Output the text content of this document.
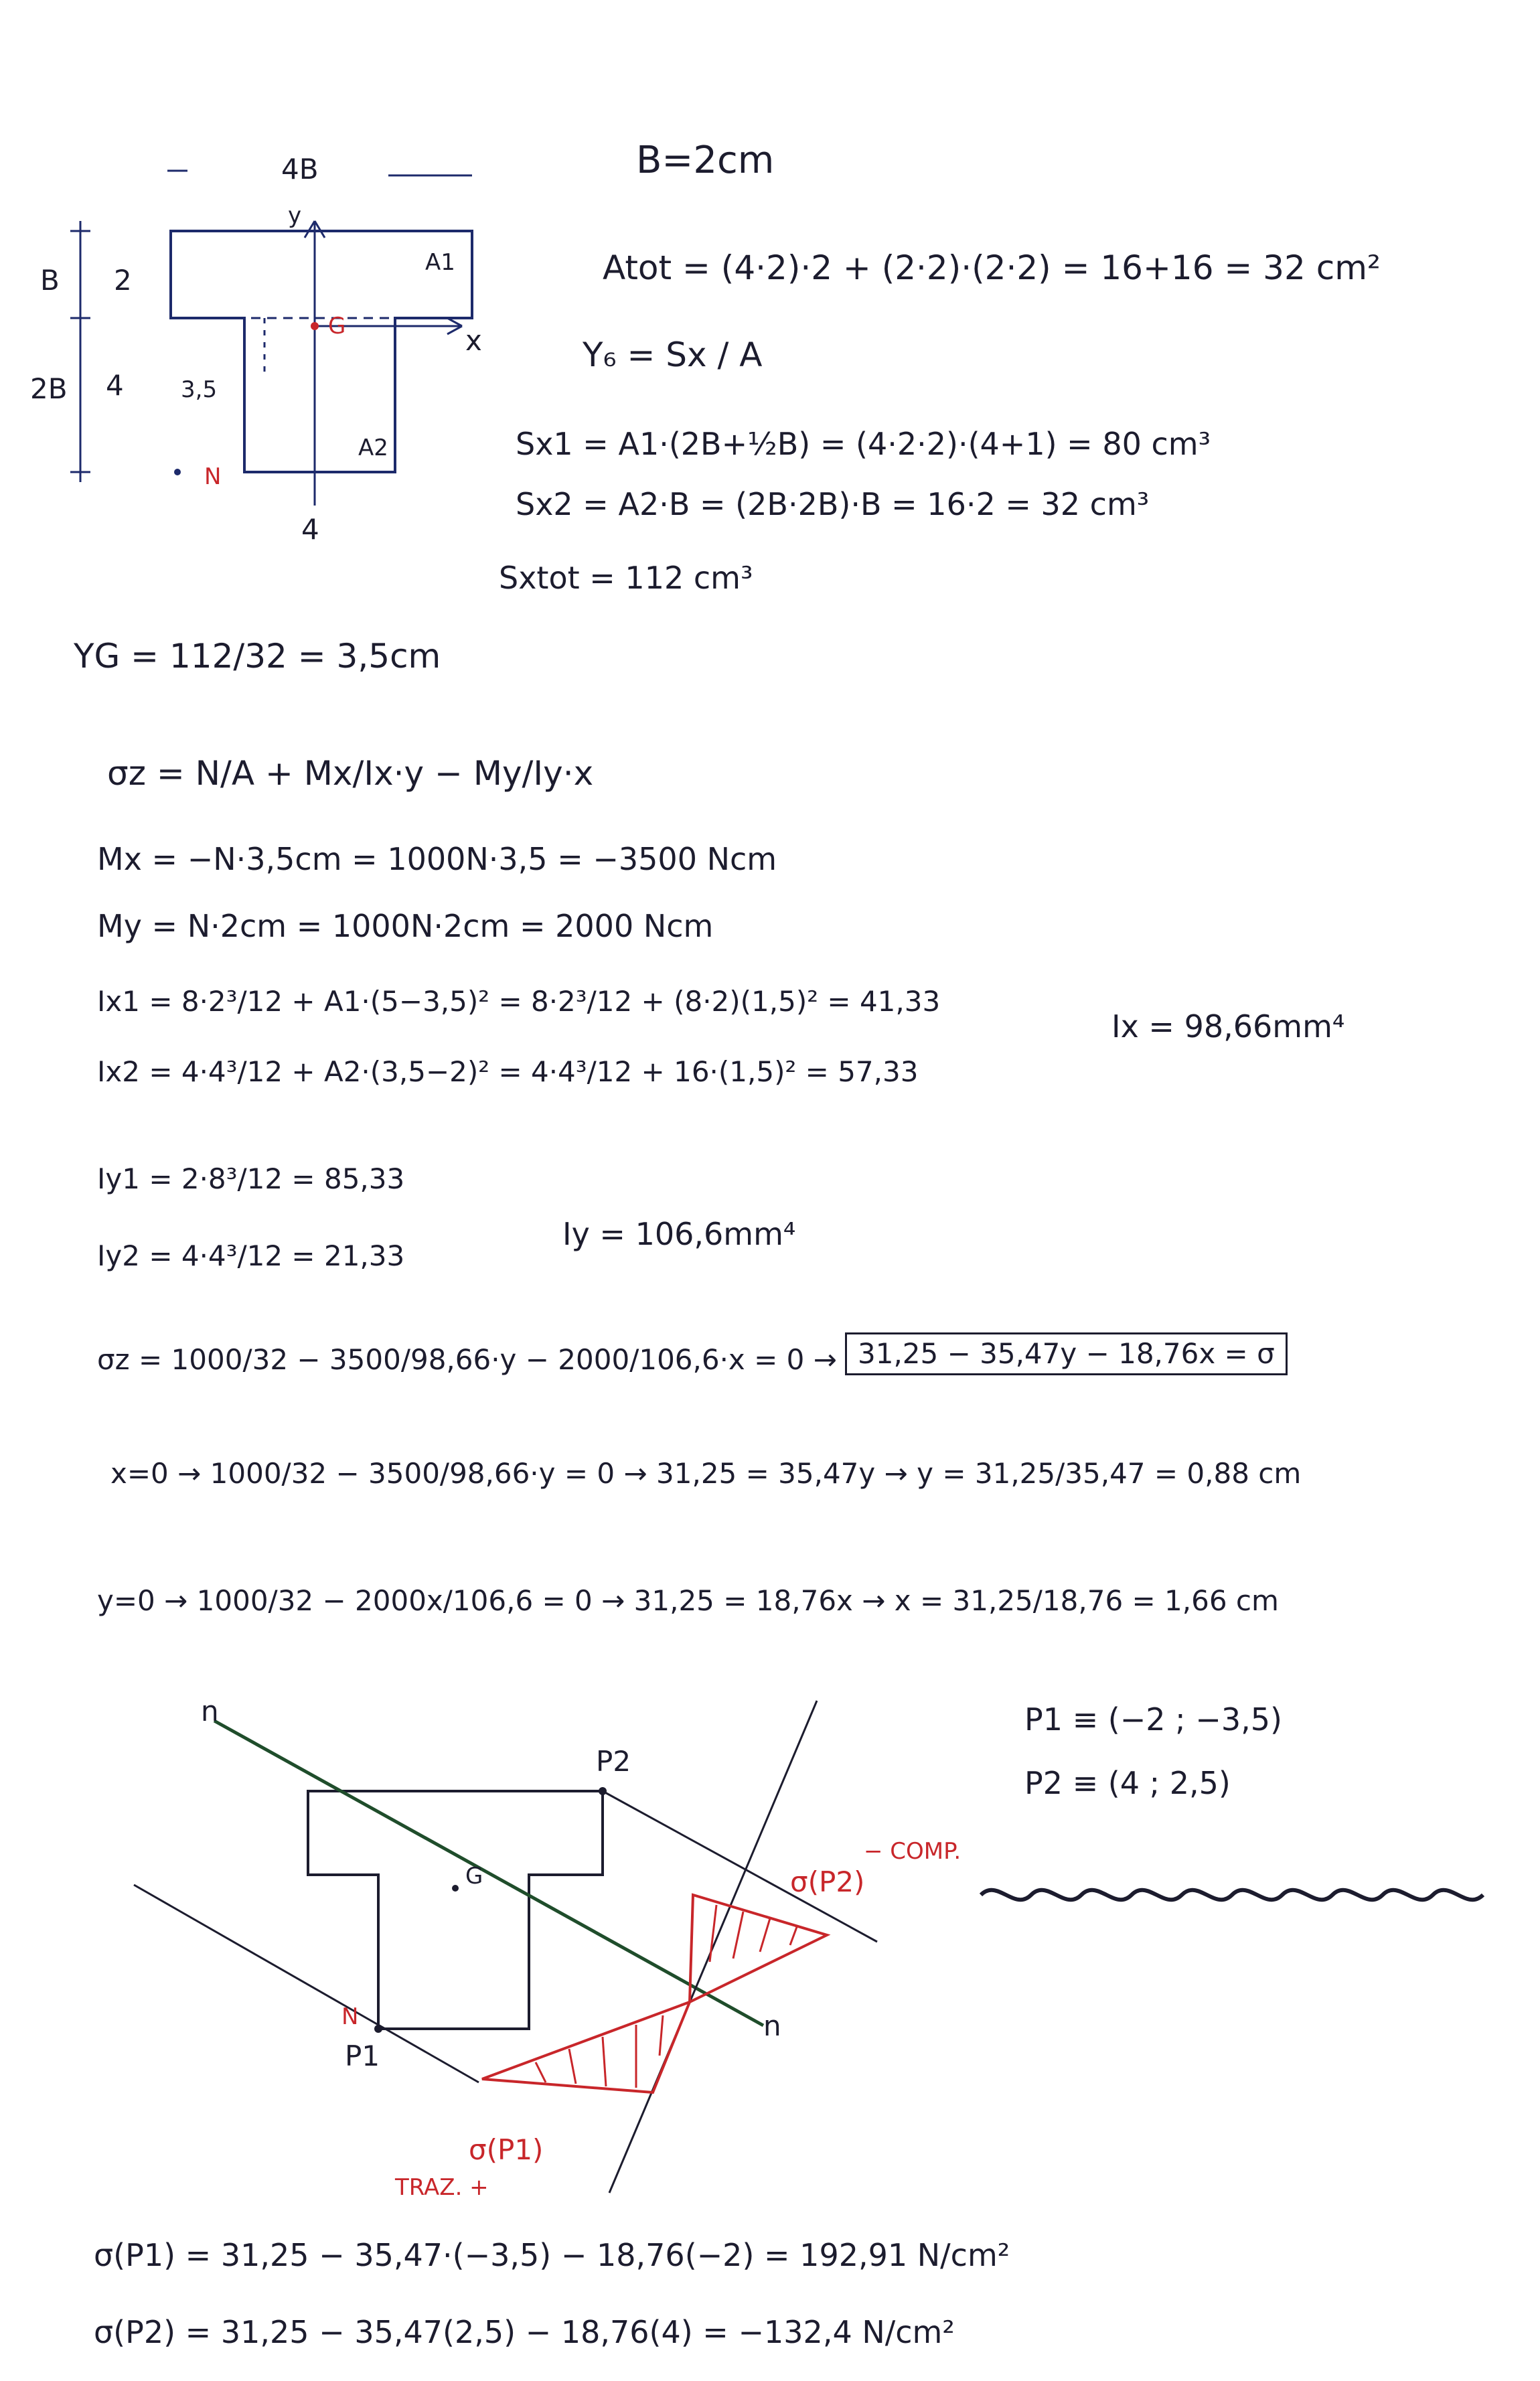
B=2cm
4B
B 2
2B 4	3,5
y
x
G
A1
A2
N
4
Atot = (4·2)·2 + (2·2)·(2·2) = 16+16 = 32 cm²
Y₆ = Sx / A
Sx1 = A1·(2B+½B) = (4·2·2)·(4+1) = 80 cm³
Sx2 = A2·B = (2B·2B)·B = 16·2 = 32 cm³
Sxtot = 112 cm³
YG = 112/32 = 3,5cm
σz = N/A + Mx/Ix·y − My/Iy·x
Mx = −N·3,5cm = 1000N·3,5 = −3500 Ncm
My = N·2cm = 1000N·2cm = 2000 Ncm
Ix1 = 8·2³/12 + A1·(5−3,5)² = 8·2³/12 + (8·2)(1,5)² = 41,33
Ix2 = 4·4³/12 + A2·(3,5−2)² = 4·4³/12 + 16·(1,5)² = 57,33
Ix = 98,66mm⁴
Iy1 = 2·8³/12 = 85,33
Iy2 = 4·4³/12 = 21,33
Iy = 106,6mm⁴
σz = 1000/32 − 3500/98,66·y − 2000/106,6·x = 0 → 31,25 − 35,47y − 18,76x = σ
x=0 → 1000/32 − 3500/98,66·y = 0 → 31,25 = 35,47y → y = 31,25/35,47 = 0,88 cm
y=0 → 1000/32 − 2000x/106,6 = 0 → 31,25 = 18,76x → x = 31,25/18,76 = 1,66 cm
n
n
G
N
P1
P2
σ(P2)
− COMP.
σ(P1)
TRAZ. +
P1 ≡ (−2 ; −3,5)
P2 ≡ (4 ; 2,5)
σ(P1) = 31,25 − 35,47·(−3,5) − 18,76(−2) = 192,91 N/cm²
σ(P2) = 31,25 − 35,47(2,5) − 18,76(4) = −132,4 N/cm²
